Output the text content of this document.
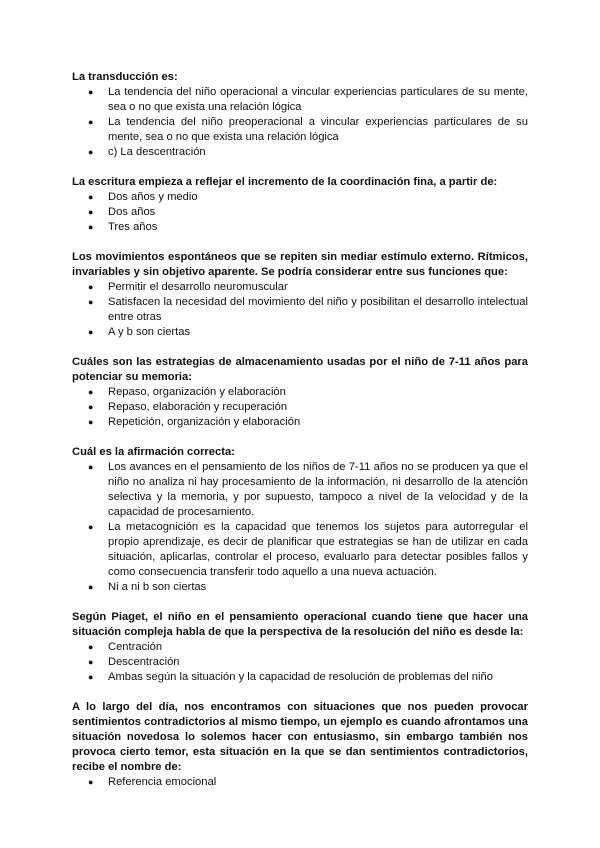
La transducción es:

● La tendencia del niño operacional a vincular experiencias particulares de su mente, sea o no que exista una relación lógica
● La tendencia del niño preoperacional a vincular experiencias particulares de su mente, sea o no que exista una relación lógica
● c) La descentración

La escritura empieza a reflejar el incremento de la coordinación fina, a partir de:

● Dos años y medio
● Dos años
● Tres años

Los movimientos espontáneos que se repiten sin mediar estímulo externo. Rítmicos, invariables y sin objetivo aparente. Se podría considerar entre sus funciones que:

● Permitir el desarrollo neuromuscular
● Satisfacen la necesidad del movimiento del niño y posibilitan el desarrollo intelectual entre otras
● A y b son ciertas

Cuáles son las estrategias de almacenamiento usadas por el niño de 7-11 años para potenciar su memoria:

● Repaso, organización y elaboración
● Repaso, elaboración y recuperación
● Repetición, organización y elaboración

Cuál es la afirmación correcta:

● Los avances en el pensamiento de los niños de 7-11 años no se producen ya que el niño no analiza ni hay procesamiento de la información, ni desarrollo de la atención selectiva y la memoria, y por supuesto, tampoco a nivel de la velocidad y de la capacidad de procesamiento.
● La metacognición es la capacidad que tenemos los sujetos para autorregular el propio aprendizaje, es decir de planificar que estrategias se han de utilizar en cada situación, aplicarlas, controlar el proceso, evaluarlo para detectar posibles fallos y como consecuencia transferir todo aquello a una nueva actuación.
● Ni a ni b son ciertas

Según Piaget, el niño en el pensamiento operacional cuando tiene que hacer una situación compleja habla de que la perspectiva de la resolución del niño es desde la:

● Centración
● Descentración
● Ambas según la situación y la capacidad de resolución de problemas del niño

A lo largo del día, nos encontramos con situaciones que nos pueden provocar sentimientos contradictorios al mismo tiempo, un ejemplo es cuando afrontamos una situación novedosa lo solemos hacer con entusiasmo, sin embargo también nos provoca cierto temor, esta situación en la que se dan sentimientos contradictorios, recibe el nombre de:

● Referencia emocional
